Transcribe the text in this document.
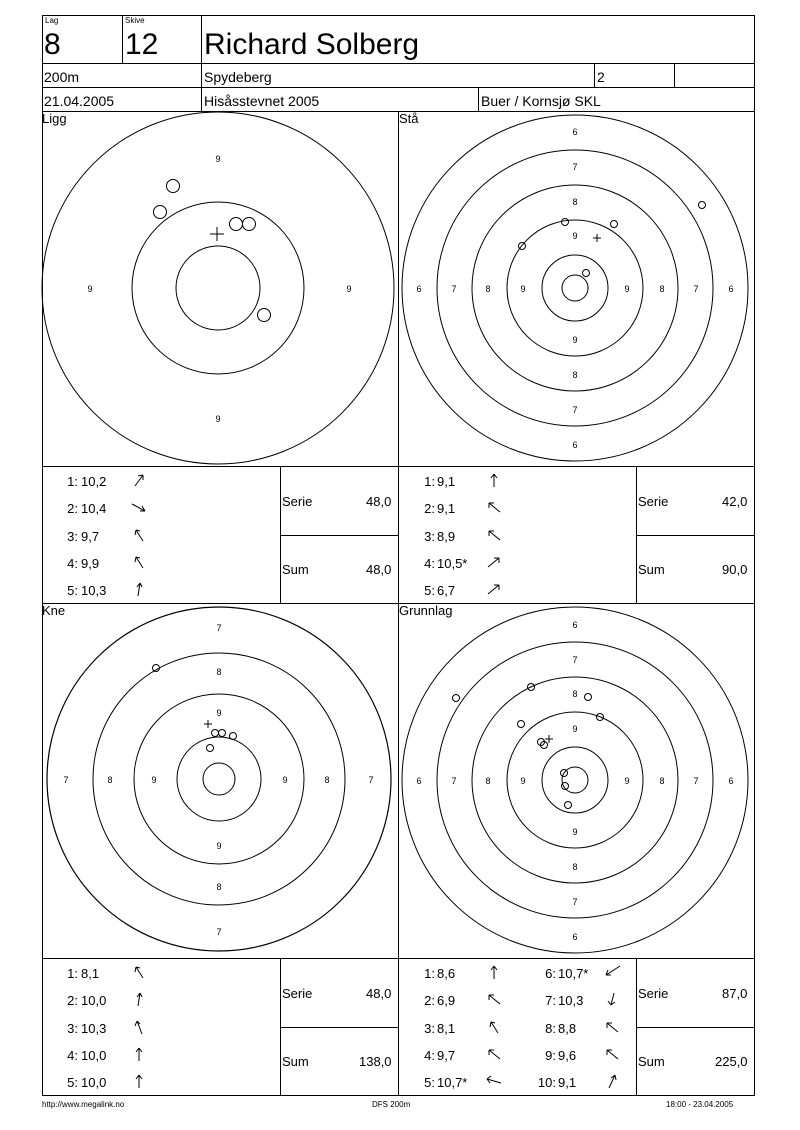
Lag
8
Skive
12 Richard Solberg
200m	Spydeberg	2
21.04.2005	Hisåsstevnet 2005	Buer / Kornsjø SKL
Ligg	Stå
Kne	Grunnlag
9
9
9	9
6
7
8
9
9
8
7
6
6	7	8	9	9	8	7	6
7
8
9
9
8
7
7	8	9	9	8	7
6
7
8
9
9
8
7
6
6	7	8	9	9	8	7	6
1: 10,2
2: 10,4
3: 9,7
4: 9,9
5: 10,3
Serie	48,0
Sum	48,0
1: 9,1
2: 9,1
3: 8,9
4: 10,5*
5: 6,7
Serie	42,0
Sum	90,0
1: 8,1
2: 10,0
3: 10,3
4: 10,0
5: 10,0
Serie	48,0
Sum	138,0
1: 8,6
2: 6,9
3: 8,1
4: 9,7
5: 10,7*
6: 10,7*
7: 10,3
8: 8,8
9: 9,6
10: 9,1
Serie	87,0
Sum	225,0
http://www.megalink.no	DFS 200m	18:00 - 23.04.2005
